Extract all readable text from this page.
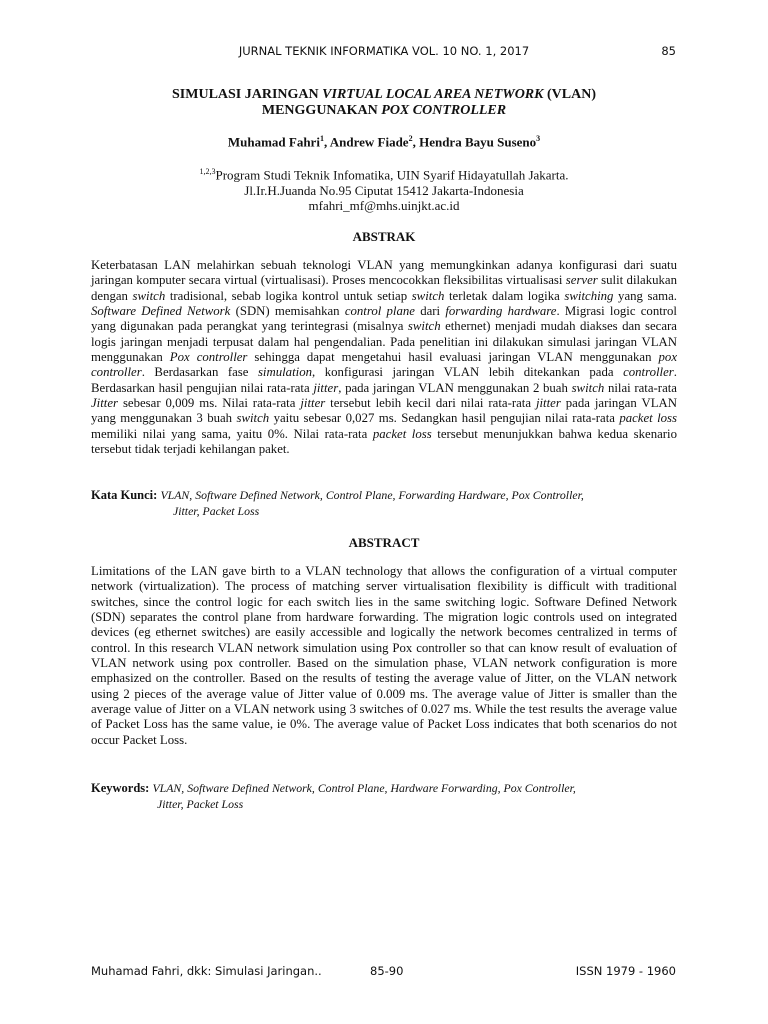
JURNAL TEKNIK INFORMATIKA VOL. 10 NO. 1, 2017	85
SIMULASI JARINGAN VIRTUAL LOCAL AREA NETWORK (VLAN)
MENGGUNAKAN POX CONTROLLER
Muhamad Fahri$^1$, Andrew Fiade$^2$, Hendra Bayu Suseno$^3$
$^{1,2,3}$Program Studi Teknik Infomatika, UIN Syarif Hidayatullah Jakarta.
Jl.Ir.H.Juanda No.95 Ciputat 15412 Jakarta-Indonesia
mfahri_mf@mhs.uinjkt.ac.id
ABSTRAK
Keterbatasan LAN melahirkan sebuah teknologi VLAN yang memungkinkan adanya konfigurasi dari suatu jaringan komputer secara virtual (virtualisasi). Proses mencocokkan fleksibilitas virtualisasi server sulit dilakukan dengan switch tradisional, sebab logika kontrol untuk setiap switch terletak dalam logika switching yang sama. Software Defined Network (SDN) memisahkan control plane dari forwarding hardware. Migrasi logic control yang digunakan pada perangkat yang terintegrasi (misalnya switch ethernet) menjadi mudah diakses dan secara logis jaringan menjadi terpusat dalam hal pengendalian. Pada penelitian ini dilakukan simulasi jaringan VLAN menggunakan Pox controller sehingga dapat mengetahui hasil evaluasi jaringan VLAN menggunakan pox controller. Berdasarkan fase simulation, konfigurasi jaringan VLAN lebih ditekankan pada controller. Berdasarkan hasil pengujian nilai rata-rata jitter, pada jaringan VLAN menggunakan 2 buah switch nilai rata-rata Jitter sebesar 0,009 ms. Nilai rata-rata jitter tersebut lebih kecil dari nilai rata-rata jitter pada jaringan VLAN yang menggunakan 3 buah switch yaitu sebesar 0,027 ms. Sedangkan hasil pengujian nilai rata-rata packet loss memiliki nilai yang sama, yaitu 0%. Nilai rata-rata packet loss tersebut menunjukkan bahwa kedua skenario tersebut tidak terjadi kehilangan paket.
Kata Kunci: VLAN, Software Defined Network, Control Plane, Forwarding Hardware, Pox Controller,
Jitter, Packet Loss
ABSTRACT
Limitations of the LAN gave birth to a VLAN technology that allows the configuration of a virtual computer network (virtualization). The process of matching server virtualisation flexibility is difficult with traditional switches, since the control logic for each switch lies in the same switching logic. Software Defined Network (SDN) separates the control plane from hardware forwarding. The migration logic controls used on integrated devices (eg ethernet switches) are easily accessible and logically the network becomes centralized in terms of control. In this research VLAN network simulation using Pox controller so that can know result of evaluation of VLAN network using pox controller. Based on the simulation phase, VLAN network configuration is more emphasized on the controller. Based on the results of testing the average value of Jitter, on the VLAN network using 2 pieces of the average value of Jitter value of 0.009 ms. The average value of Jitter is smaller than the average value of Jitter on a VLAN network using 3 switches of 0.027 ms. While the test results the average value of Packet Loss has the same value, ie 0%. The average value of Packet Loss indicates that both scenarios do not occur Packet Loss.
Keywords: VLAN, Software Defined Network, Control Plane, Hardware Forwarding, Pox Controller,
Jitter, Packet Loss
Muhamad Fahri, dkk: Simulasi Jaringan..	85-90	ISSN 1979 - 1960
